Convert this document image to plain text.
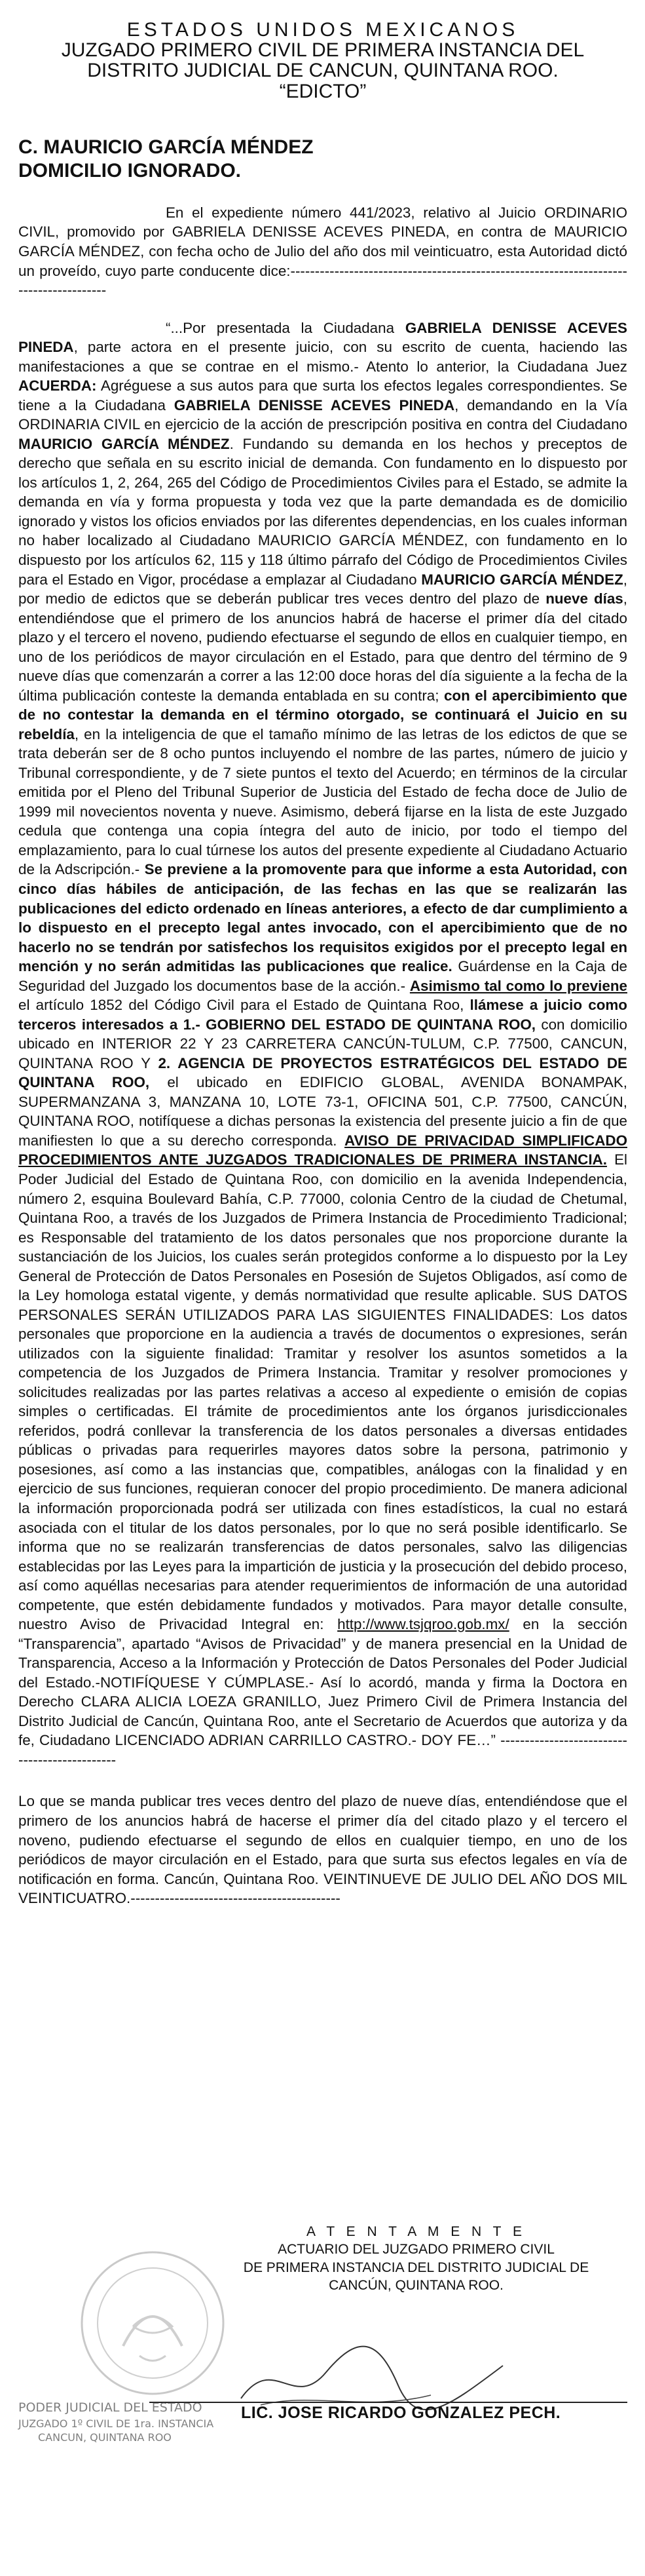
ESTADOS UNIDOS MEXICANOS
JUZGADO PRIMERO CIVIL DE PRIMERA INSTANCIA DEL
DISTRITO JUDICIAL DE CANCUN, QUINTANA ROO.
“EDICTO”
C. MAURICIO GARCÍA MÉNDEZ
DOMICILIO IGNORADO.

En el expediente número 441/2023, relativo al Juicio ORDINARIO CIVIL, promovido por GABRIELA DENISSE ACEVES PINEDA, en contra de MAURICIO GARCÍA MÉNDEZ, con fecha ocho de Julio del año dos mil veinticuatro, esta Autoridad dictó un proveído, cuyo parte conducente dice:---------------------------------------------------------------------------------------

“...Por presentada la Ciudadana GABRIELA DENISSE ACEVES PINEDA, parte actora en el presente juicio, con su escrito de cuenta, haciendo las manifestaciones a que se contrae en el mismo.- Atento lo anterior, la Ciudadana Juez ACUERDA: Agréguese a sus autos para que surta los efectos legales correspondientes. Se tiene a la Ciudadana GABRIELA DENISSE ACEVES PINEDA, demandando en la Vía ORDINARIA CIVIL en ejercicio de la acción de prescripción positiva en contra del Ciudadano MAURICIO GARCÍA MÉNDEZ. Fundando su demanda en los hechos y preceptos de derecho que señala en su escrito inicial de demanda. Con fundamento en lo dispuesto por los artículos 1, 2, 264, 265 del Código de Procedimientos Civiles para el Estado, se admite la demanda en vía y forma propuesta y toda vez que la parte demandada es de domicilio ignorado y vistos los oficios enviados por las diferentes dependencias, en los cuales informan no haber localizado al Ciudadano MAURICIO GARCÍA MÉNDEZ, con fundamento en lo dispuesto por los artículos 62, 115 y 118 último párrafo del Código de Procedimientos Civiles para el Estado en Vigor, procédase a emplazar al Ciudadano MAURICIO GARCÍA MÉNDEZ, por medio de edictos que se deberán publicar tres veces dentro del plazo de nueve días, entendiéndose que el primero de los anuncios habrá de hacerse el primer día del citado plazo y el tercero el noveno, pudiendo efectuarse el segundo de ellos en cualquier tiempo, en uno de los periódicos de mayor circulación en el Estado, para que dentro del término de 9 nueve días que comenzarán a correr a las 12:00 doce horas del día siguiente a la fecha de la última publicación conteste la demanda entablada en su contra; con el apercibimiento que de no contestar la demanda en el término otorgado, se continuará el Juicio en su rebeldía, en la inteligencia de que el tamaño mínimo de las letras de los edictos de que se trata deberán ser de 8 ocho puntos incluyendo el nombre de las partes, número de juicio y Tribunal correspondiente, y de 7 siete puntos el texto del Acuerdo; en términos de la circular emitida por el Pleno del Tribunal Superior de Justicia del Estado de fecha doce de Julio de 1999 mil novecientos noventa y nueve. Asimismo, deberá fijarse en la lista de este Juzgado cedula que contenga una copia íntegra del auto de inicio, por todo el tiempo del emplazamiento, para lo cual túrnese los autos del presente expediente al Ciudadano Actuario de la Adscripción.- Se previene a la promovente para que informe a esta Autoridad, con cinco días hábiles de anticipación, de las fechas en las que se realizarán las publicaciones del edicto ordenado en líneas anteriores, a efecto de dar cumplimiento a lo dispuesto en el precepto legal antes invocado, con el apercibimiento que de no hacerlo no se tendrán por satisfechos los requisitos exigidos por el precepto legal en mención y no serán admitidas las publicaciones que realice. Guárdense en la Caja de Seguridad del Juzgado los documentos base de la acción.- Asimismo tal como lo previene el artículo 1852 del Código Civil para el Estado de Quintana Roo, llámese a juicio como terceros interesados a 1.- GOBIERNO DEL ESTADO DE QUINTANA ROO, con domicilio ubicado en INTERIOR 22 Y 23 CARRETERA CANCÚN-TULUM, C.P. 77500, CANCUN, QUINTANA ROO Y 2. AGENCIA DE PROYECTOS ESTRATÉGICOS DEL ESTADO DE QUINTANA ROO, el ubicado en EDIFICIO GLOBAL, AVENIDA BONAMPAK, SUPERMANZANA 3, MANZANA 10, LOTE 73-1, OFICINA 501, C.P. 77500, CANCÚN, QUINTANA ROO, notifíquese a dichas personas la existencia del presente juicio a fin de que manifiesten lo que a su derecho corresponda. AVISO DE PRIVACIDAD SIMPLIFICADO PROCEDIMIENTOS ANTE JUZGADOS TRADICIONALES DE PRIMERA INSTANCIA. El Poder Judicial del Estado de Quintana Roo, con domicilio en la avenida Independencia, número 2, esquina Boulevard Bahía, C.P. 77000, colonia Centro de la ciudad de Chetumal, Quintana Roo, a través de los Juzgados de Primera Instancia de Procedimiento Tradicional; es Responsable del tratamiento de los datos personales que nos proporcione durante la sustanciación de los Juicios, los cuales serán protegidos conforme a lo dispuesto por la Ley General de Protección de Datos Personales en Posesión de Sujetos Obligados, así como de la Ley homologa estatal vigente, y demás normatividad que resulte aplicable. SUS DATOS PERSONALES SERÁN UTILIZADOS PARA LAS SIGUIENTES FINALIDADES: Los datos personales que proporcione en la audiencia a través de documentos o expresiones, serán utilizados con la siguiente finalidad: Tramitar y resolver los asuntos sometidos a la competencia de los Juzgados de Primera Instancia. Tramitar y resolver promociones y solicitudes realizadas por las partes relativas a acceso al expediente o emisión de copias simples o certificadas. El trámite de procedimientos ante los órganos jurisdiccionales referidos, podrá conllevar la transferencia de los datos personales a diversas entidades públicas o privadas para requerirles mayores datos sobre la persona, patrimonio y posesiones, así como a las instancias que, compatibles, análogas con la finalidad y en ejercicio de sus funciones, requieran conocer del propio procedimiento. De manera adicional la información proporcionada podrá ser utilizada con fines estadísticos, la cual no estará asociada con el titular de los datos personales, por lo que no será posible identificarlo. Se informa que no se realizarán transferencias de datos personales, salvo las diligencias establecidas por las Leyes para la impartición de justicia y la prosecución del debido proceso, así como aquéllas necesarias para atender requerimientos de información de una autoridad competente, que estén debidamente fundados y motivados. Para mayor detalle consulte, nuestro Aviso de Privacidad Integral en: http://www.tsjqroo.gob.mx/ en la sección “Transparencia”, apartado “Avisos de Privacidad” y de manera presencial en la Unidad de Transparencia, Acceso a la Información y Protección de Datos Personales del Poder Judicial del Estado.-NOTIFÍQUESE Y CÚMPLASE.- Así lo acordó, manda y firma la Doctora en Derecho CLARA ALICIA LOEZA GRANILLO, Juez Primero Civil de Primera Instancia del Distrito Judicial de Cancún, Quintana Roo, ante el Secretario de Acuerdos que autoriza y da fe, Ciudadano LICENCIADO ADRIAN CARRILLO CASTRO.- DOY FE…” ----------------------------------------------

Lo que se manda publicar tres veces dentro del plazo de nueve días, entendiéndose que el primero de los anuncios habrá de hacerse el primer día del citado plazo y el tercero el noveno, pudiendo efectuarse el segundo de ellos en cualquier tiempo, en uno de los periódicos de mayor circulación en el Estado, para que surta sus efectos legales en vía de notificación en forma. Cancún, Quintana Roo. VEINTINUEVE DE JULIO DEL AÑO DOS MIL VEINTICUATRO.-------------------------------------------

A T E N T A M E N T E
ACTUARIO DEL JUZGADO PRIMERO CIVIL
DE PRIMERA INSTANCIA DEL DISTRITO JUDICIAL DE
CANCÚN, QUINTANA ROO.
LIC. JOSE RICARDO GONZALEZ PECH.
PODER JUDICIAL DEL ESTADO
JUZGADO 1º CIVIL DE 1ra. INSTANCIA
CANCUN, QUINTANA ROO
